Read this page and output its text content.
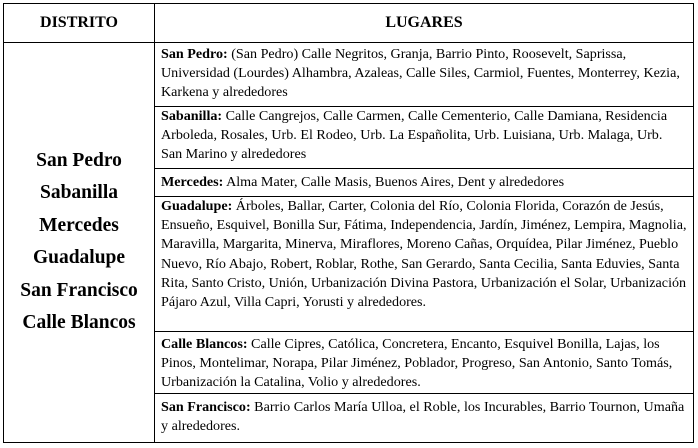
DISTRITO	LUGARES
San Pedro
Sabanilla
Mercedes
Guadalupe
San Francisco
Calle Blancos
San Pedro: (San Pedro) Calle Negritos, Granja, Barrio Pinto, Roosevelt, Saprissa, Universidad (Lourdes) Alhambra, Azaleas, Calle Siles, Carmiol, Fuentes, Monterrey, Kezia, Karkena y alrededores
Sabanilla: Calle Cangrejos, Calle Carmen, Calle Cementerio, Calle Damiana, Residencia Arboleda, Rosales, Urb. El Rodeo, Urb. La Españolita, Urb. Luisiana, Urb. Malaga, Urb. San Marino y alrededores
Mercedes: Alma Mater, Calle Masis, Buenos Aires, Dent y alrededores
Guadalupe: Árboles, Ballar, Carter, Colonia del Río, Colonia Florida, Corazón de Jesús, Ensueño, Esquivel, Bonilla Sur, Fátima, Independencia, Jardín, Jiménez, Lempira, Magnolia, Maravilla, Margarita, Minerva, Miraflores, Moreno Cañas, Orquídea, Pilar Jiménez, Pueblo Nuevo, Río Abajo, Robert, Roblar, Rothe, San Gerardo, Santa Cecilia, Santa Eduvies, Santa Rita, Santo Cristo, Unión, Urbanización Divina Pastora, Urbanización el Solar, Urbanización Pájaro Azul, Villa Capri, Yorusti y alrededores.
Calle Blancos: Calle Cipres, Católica, Concretera, Encanto, Esquivel Bonilla, Lajas, los Pinos, Montelimar, Norapa, Pilar Jiménez, Poblador, Progreso, San Antonio, Santo Tomás, Urbanización la Catalina, Volio y alrededores.
San Francisco: Barrio Carlos María Ulloa, el Roble, los Incurables, Barrio Tournon, Umaña y alrededores.
